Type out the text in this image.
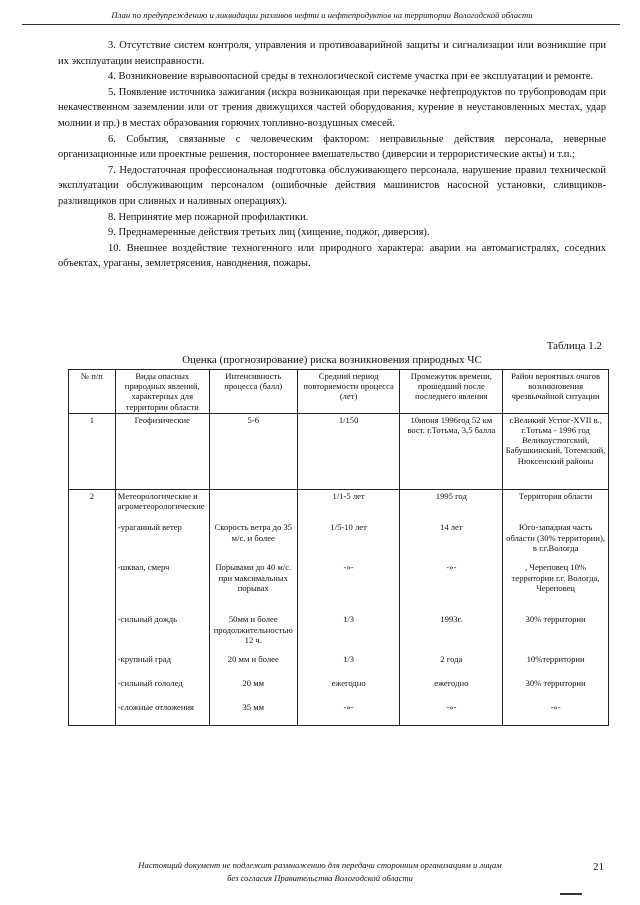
План по предупреждению и ликвидации разливов нефти и нефтепродуктов на территории Вологодской области

3. Отсутствие систем контроля, управления и противоаварийной защиты и сигнализации или возникшие при их эксплуатации неисправности.

4. Возникновение взрывоопасной среды в технологической системе участка при ее эксплуатации и ремонте.

5. Появление источника зажигания (искра возникающая при перекачке нефтепродуктов по трубопроводам при некачественном заземлении или от трения движущихся частей оборудования, курение в неустановленных местах, удар молнии и пр.) в местах образования горючих топливно-воздушных смесей.

6. События, связанные с человеческим фактором: неправильные действия персонала, неверные организационные или проектные решения, постороннее вмешательство (диверсии и террористические акты) и т.п.;

7. Недостаточная профессиональная подготовка обслуживающего персонала, нарушение правил технической эксплуатации обслуживающим персоналом (ошибочные действия машинистов насосной установки, сливщиков-разливщиков при сливных и наливных операциях).

8. Непринятие мер пожарной профилактики.

9. Преднамеренные действия третьих лиц (хищение, поджог, диверсия).

10. Внешнее воздействие техногенного или природного характера: аварии на автомагистралях, соседних объектах, ураганы, землетрясения, наводнения, пожары.

Таблица 1.2
Оценка (прогнозирование) риска возникновения природных ЧС
№ п/п	Виды опасных природных явлений, характерных для территории области	Интенсивность процесса (балл)	Средний период повторяемости процесса (лет)	Промежуток времени, прошедший после последнего явления	Район вероятных очагов возникновения чрезвычайной ситуации
1	Геофизические	5-6	1/150	10июня 1996год 52 км вост. г.Тотьма, 3,5 балла	г.Великий Устюг-XVII в., г.Тотьма - 1996 год Великоустюгский, Бабушкинский, Тотемский, Нюксенский районы
2	Метеорологические и агрометеорологические		1/1-5 лет	1995 год	Территория области
	-ураганный ветер	Скорость ветра до 35 м/с. и более	1/5-10 лет	14 лет	Юго-западная часть области (30% территории), в г.г.Вологда
	-шквал, смерч	Порывами до 40 м/с. при максимальных порывах	-»-	-»-	, Череповец 10% территории г.г. Вологда, Череповец
	-сильный дождь	50мм и более продолжительностью 12 ч.	1/3	1993г.	30% территории
	-крупный град	20 мм и более	1/3	2 года	10%территории
	-сильный гололед	20 мм	ежегодно	ежегодно	30% территории
	-сложные отложения	35 мм	-»-	-»-	-»-
Настоящий документ не подлежит размножению для передачи сторонним организациям и лицам
без согласия Правительства Вологодской области
21
